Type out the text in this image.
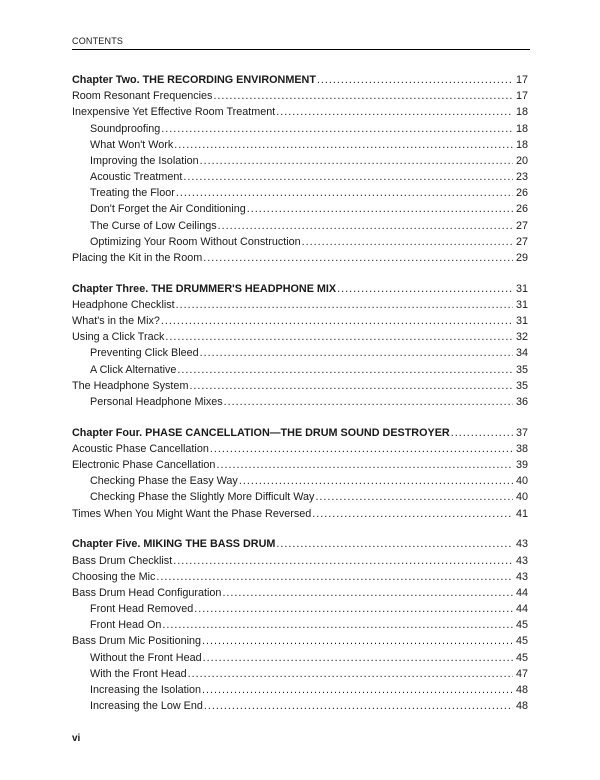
CONTENTS
Chapter Two. THE RECORDING ENVIRONMENT .....	17
Room Resonant Frequencies .....	17
Inexpensive Yet Effective Room Treatment .....	18
Soundproofing .....	18
What Won't Work .....	18
Improving the Isolation .....	20
Acoustic Treatment .....	23
Treating the Floor .....	26
Don't Forget the Air Conditioning .....	26
The Curse of Low Ceilings .....	27
Optimizing Your Room Without Construction .....	27
Placing the Kit in the Room .....	29
Chapter Three. THE DRUMMER'S HEADPHONE MIX .....	31
Headphone Checklist .....	31
What's in the Mix? .....	31
Using a Click Track .....	32
Preventing Click Bleed .....	34
A Click Alternative .....	35
The Headphone System .....	35
Personal Headphone Mixes .....	36
Chapter Four. PHASE CANCELLATION—THE DRUM SOUND DESTROYER .....	37
Acoustic Phase Cancellation .....	38
Electronic Phase Cancellation .....	39
Checking Phase the Easy Way .....	40
Checking Phase the Slightly More Difficult Way .....	40
Times When You Might Want the Phase Reversed .....	41
Chapter Five. MIKING THE BASS DRUM .....	43
Bass Drum Checklist .....	43
Choosing the Mic .....	43
Bass Drum Head Configuration .....	44
Front Head Removed .....	44
Front Head On .....	45
Bass Drum Mic Positioning .....	45
Without the Front Head .....	45
With the Front Head .....	47
Increasing the Isolation .....	48
Increasing the Low End .....	48
vi
